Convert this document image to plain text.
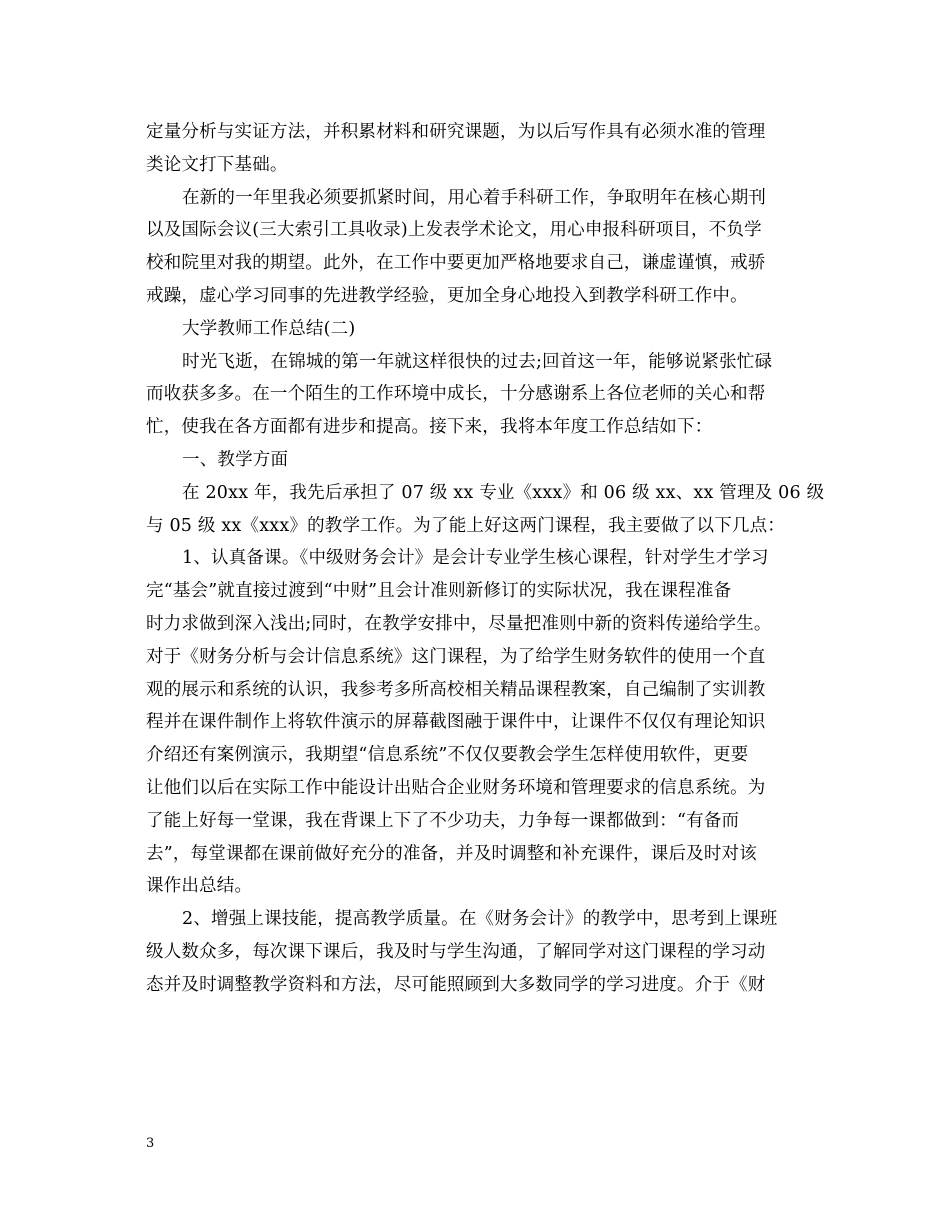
定量分析与实证方法，并积累材料和研究课题，为以后写作具有必须水准的管理
类论文打下基础。
在新的一年里我必须要抓紧时间，用心着手科研工作，争取明年在核心期刊
以及国际会议(三大索引工具收录)上发表学术论文，用心申报科研项目，不负学
校和院里对我的期望。此外，在工作中要更加严格地要求自己，谦虚谨慎，戒骄
戒躁，虚心学习同事的先进教学经验，更加全身心地投入到教学科研工作中。
大学教师工作总结(二)
时光飞逝，在锦城的第一年就这样很快的过去;回首这一年，能够说紧张忙碌
而收获多多。在一个陌生的工作环境中成长，十分感谢系上各位老师的关心和帮
忙，使我在各方面都有进步和提高。接下来，我将本年度工作总结如下：
一、教学方面
在 20xx 年，我先后承担了 07 级 xx 专业《xxx》和 06 级 xx、xx 管理及 06 级
与 05 级 xx《xxx》的教学工作。为了能上好这两门课程，我主要做了以下几点：
1、认真备课。《中级财务会计》是会计专业学生核心课程，针对学生才学习
完“基会”就直接过渡到“中财”且会计准则新修订的实际状况，我在课程准备
时力求做到深入浅出;同时，在教学安排中，尽量把准则中新的资料传递给学生。
对于《财务分析与会计信息系统》这门课程，为了给学生财务软件的使用一个直
观的展示和系统的认识，我参考多所高校相关精品课程教案，自己编制了实训教
程并在课件制作上将软件演示的屏幕截图融于课件中，让课件不仅仅有理论知识
介绍还有案例演示，我期望“信息系统”不仅仅要教会学生怎样使用软件，更要
让他们以后在实际工作中能设计出贴合企业财务环境和管理要求的信息系统。为
了能上好每一堂课，我在背课上下了不少功夫，力争每一课都做到：“有备而
去”，每堂课都在课前做好充分的准备，并及时调整和补充课件，课后及时对该
课作出总结。
2、增强上课技能，提高教学质量。在《财务会计》的教学中，思考到上课班
级人数众多，每次课下课后，我及时与学生沟通，了解同学对这门课程的学习动
态并及时调整教学资料和方法，尽可能照顾到大多数同学的学习进度。介于《财
3
